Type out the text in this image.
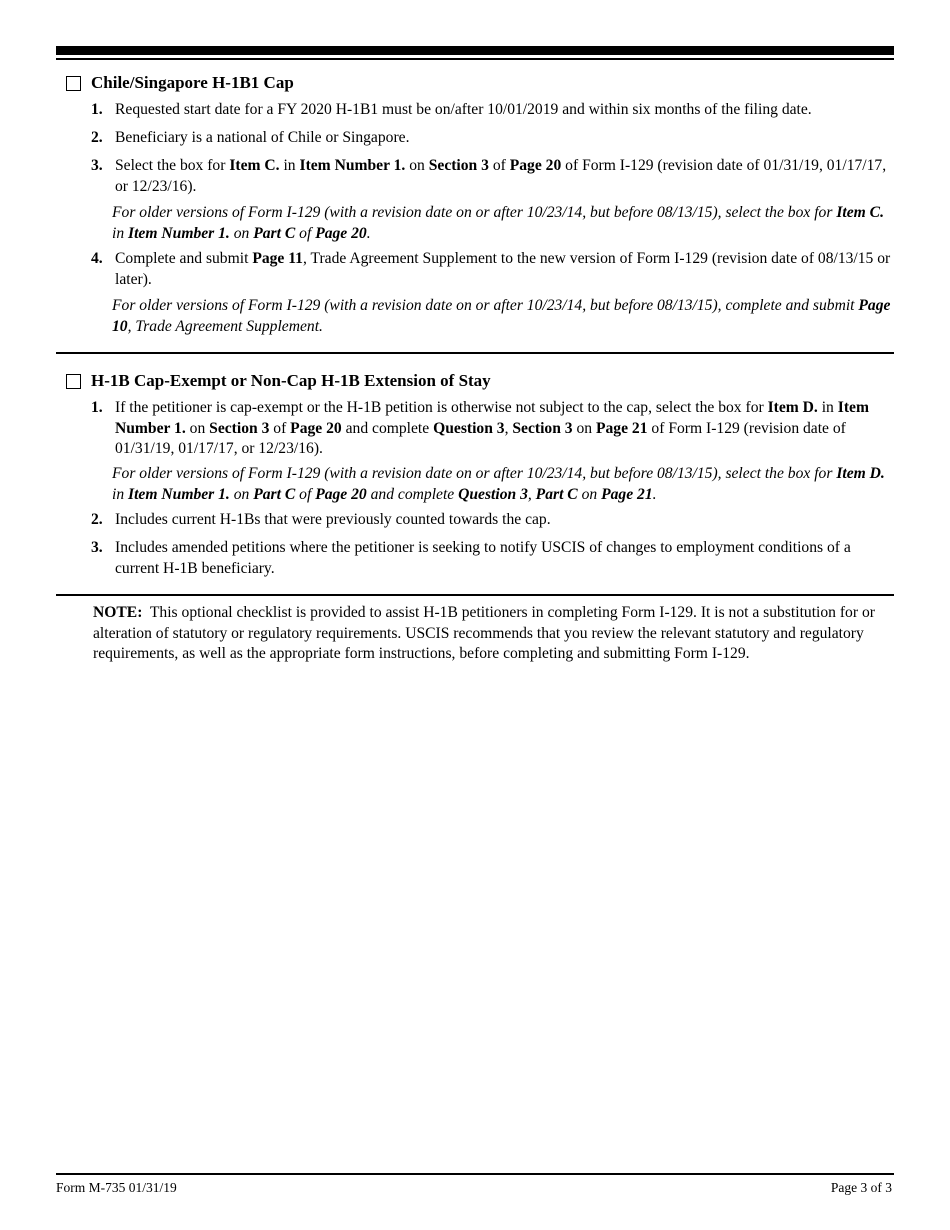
Chile/Singapore H-1B1 Cap
1. Requested start date for a FY 2020 H-1B1 must be on/after 10/01/2019 and within six months of the filing date.
2. Beneficiary is a national of Chile or Singapore.
3. Select the box for Item C. in Item Number 1. on Section 3 of Page 20 of Form I-129 (revision date of 01/31/19, 01/17/17, or 12/23/16).
For older versions of Form I-129 (with a revision date on or after 10/23/14, but before 08/13/15), select the box for Item C. in Item Number 1. on Part C of Page 20.
4. Complete and submit Page 11, Trade Agreement Supplement to the new version of Form I-129 (revision date of 08/13/15 or later).
For older versions of Form I-129 (with a revision date on or after 10/23/14, but before 08/13/15), complete and submit Page 10, Trade Agreement Supplement.
H-1B Cap-Exempt or Non-Cap H-1B Extension of Stay
1. If the petitioner is cap-exempt or the H-1B petition is otherwise not subject to the cap, select the box for Item D. in Item Number 1. on Section 3 of Page 20 and complete Question 3, Section 3 on Page 21 of Form I-129 (revision date of 01/31/19, 01/17/17, or 12/23/16).
For older versions of Form I-129 (with a revision date on or after 10/23/14, but before 08/13/15), select the box for Item D. in Item Number 1. on Part C of Page 20 and complete Question 3, Part C on Page 21.
2. Includes current H-1Bs that were previously counted towards the cap.
3. Includes amended petitions where the petitioner is seeking to notify USCIS of changes to employment conditions of a current H-1B beneficiary.
NOTE: This optional checklist is provided to assist H-1B petitioners in completing Form I-129. It is not a substitution for or alteration of statutory or regulatory requirements. USCIS recommends that you review the relevant statutory and regulatory requirements, as well as the appropriate form instructions, before completing and submitting Form I-129.
Form M-735 01/31/19	Page 3 of 3
